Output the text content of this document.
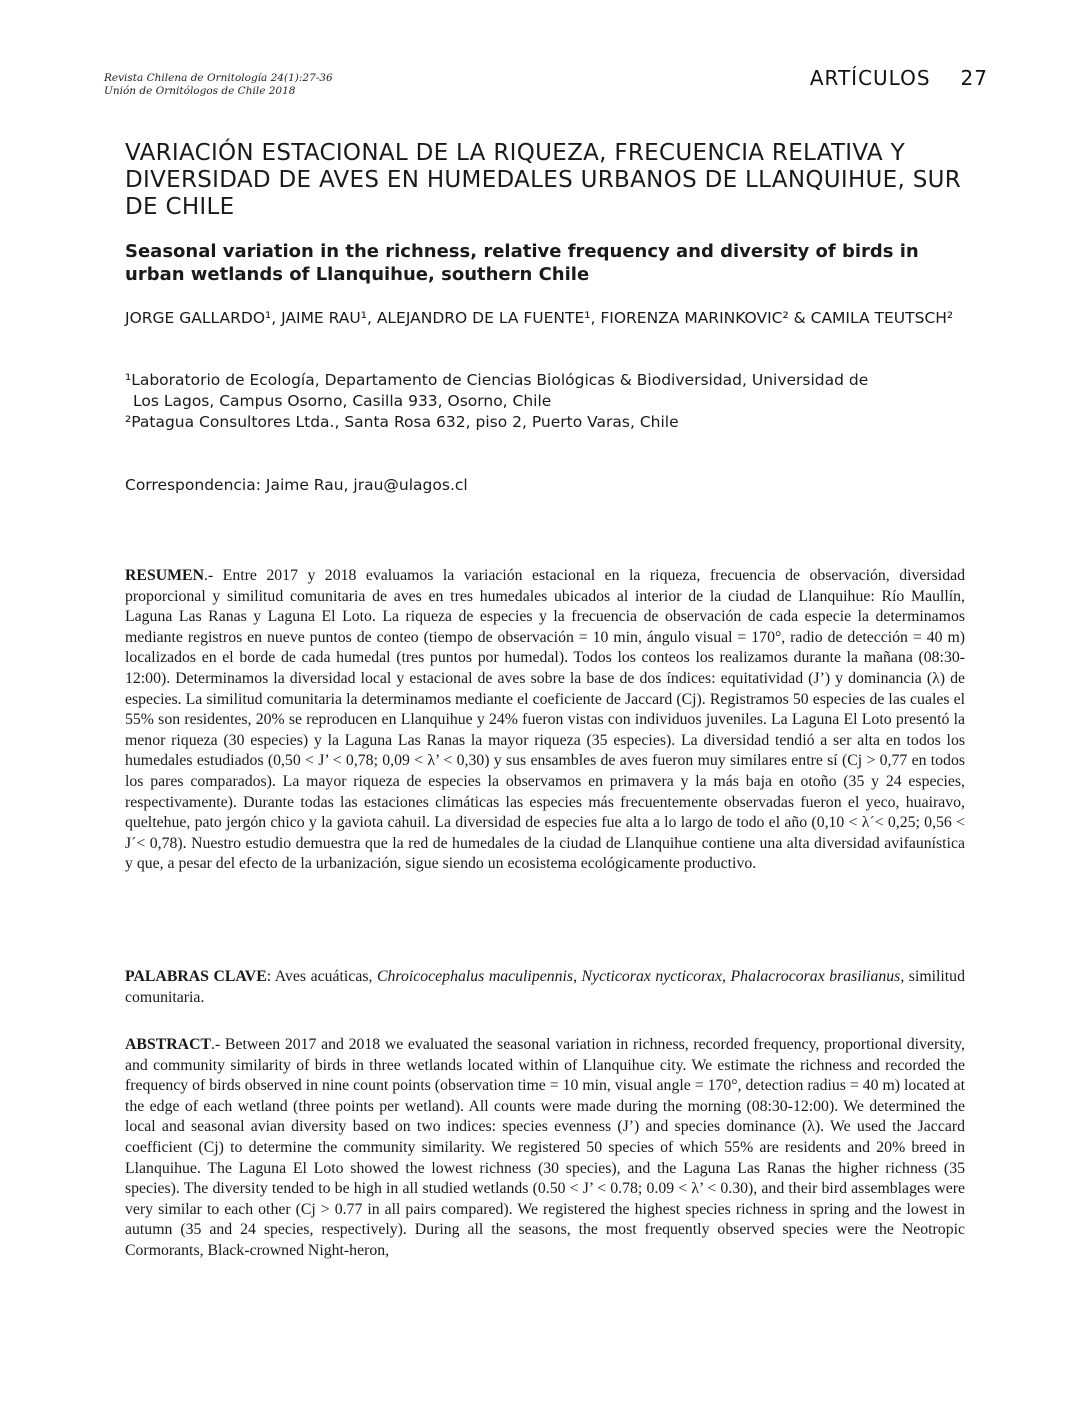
Revista Chilena de Ornitología 24(1):27-36
Unión de Ornitólogos de Chile 2018
ARTÍCULOS 27
VARIACIÓN ESTACIONAL DE LA RIQUEZA, FRECUENCIA RELATIVA Y DIVERSIDAD DE AVES EN HUMEDALES URBANOS DE LLANQUIHUE, SUR DE CHILE
Seasonal variation in the richness, relative frequency and diversity of birds in urban wetlands of Llanquihue, southern Chile
JORGE GALLARDO¹, JAIME RAU¹, ALEJANDRO DE LA FUENTE¹, FIORENZA MARINKOVIC² & CAMILA TEUTSCH²
¹Laboratorio de Ecología, Departamento de Ciencias Biológicas & Biodiversidad, Universidad de
Los Lagos, Campus Osorno, Casilla 933, Osorno, Chile
²Patagua Consultores Ltda., Santa Rosa 632, piso 2, Puerto Varas, Chile
Correspondencia: Jaime Rau, jrau@ulagos.cl

RESUMEN.- Entre 2017 y 2018 evaluamos la variación estacional en la riqueza, frecuencia de observación, diversidad proporcional y similitud comunitaria de aves en tres humedales ubicados al interior de la ciudad de Llanquihue: Río Maullín, Laguna Las Ranas y Laguna El Loto. La riqueza de especies y la frecuencia de observación de cada especie la determinamos mediante registros en nueve puntos de conteo (tiempo de observación = 10 min, ángulo visual = 170°, radio de detección = 40 m) localizados en el borde de cada humedal (tres puntos por humedal). Todos los conteos los realizamos durante la mañana (08:30-12:00). Determinamos la diversidad local y estacional de aves sobre la base de dos índices: equitatividad (J’) y dominancia (λ) de especies. La similitud comunitaria la determinamos mediante el coeficiente de Jaccard (Cj). Registramos 50 especies de las cuales el 55% son residentes, 20% se reproducen en Llanquihue y 24% fueron vistas con individuos juveniles. La Laguna El Loto presentó la menor riqueza (30 especies) y la Laguna Las Ranas la mayor riqueza (35 especies). La diversidad tendió a ser alta en todos los humedales estudiados (0,50 < J’ < 0,78; 0,09 < λ’ < 0,30) y sus ensambles de aves fueron muy similares entre sí (Cj > 0,77 en todos los pares comparados). La mayor riqueza de especies la observamos en primavera y la más baja en otoño (35 y 24 especies, respectivamente). Durante todas las estaciones climáticas las especies más frecuentemente observadas fueron el yeco, huairavo, queltehue, pato jergón chico y la gaviota cahuil. La diversidad de especies fue alta a lo largo de todo el año (0,10 < λ´< 0,25; 0,56 < J´< 0,78). Nuestro estudio demuestra que la red de humedales de la ciudad de Llanquihue contiene una alta diversidad avifaunística y que, a pesar del efecto de la urbanización, sigue siendo un ecosistema ecológicamente productivo.

PALABRAS CLAVE: Aves acuáticas, Chroicocephalus maculipennis, Nycticorax nycticorax, Phalacrocorax brasilianus, similitud comunitaria.

ABSTRACT.- Between 2017 and 2018 we evaluated the seasonal variation in richness, recorded frequency, proportional diversity, and community similarity of birds in three wetlands located within of Llanquihue city. We estimate the richness and recorded the frequency of birds observed in nine count points (observation time = 10 min, visual angle = 170°, detection radius = 40 m) located at the edge of each wetland (three points per wetland). All counts were made during the morning (08:30-12:00). We determined the local and seasonal avian diversity based on two indices: species evenness (J’) and species dominance (λ). We used the Jaccard coefficient (Cj) to determine the community similarity. We registered 50 species of which 55% are residents and 20% breed in Llanquihue. The Laguna El Loto showed the lowest richness (30 species), and the Laguna Las Ranas the higher richness (35 species). The diversity tended to be high in all studied wetlands (0.50 < J’ < 0.78; 0.09 < λ’ < 0.30), and their bird assemblages were very similar to each other (Cj > 0.77 in all pairs compared). We registered the highest species richness in spring and the lowest in autumn (35 and 24 species, respectively). During all the seasons, the most frequently observed species were the Neotropic Cormorants, Black-crowned Night-heron,
